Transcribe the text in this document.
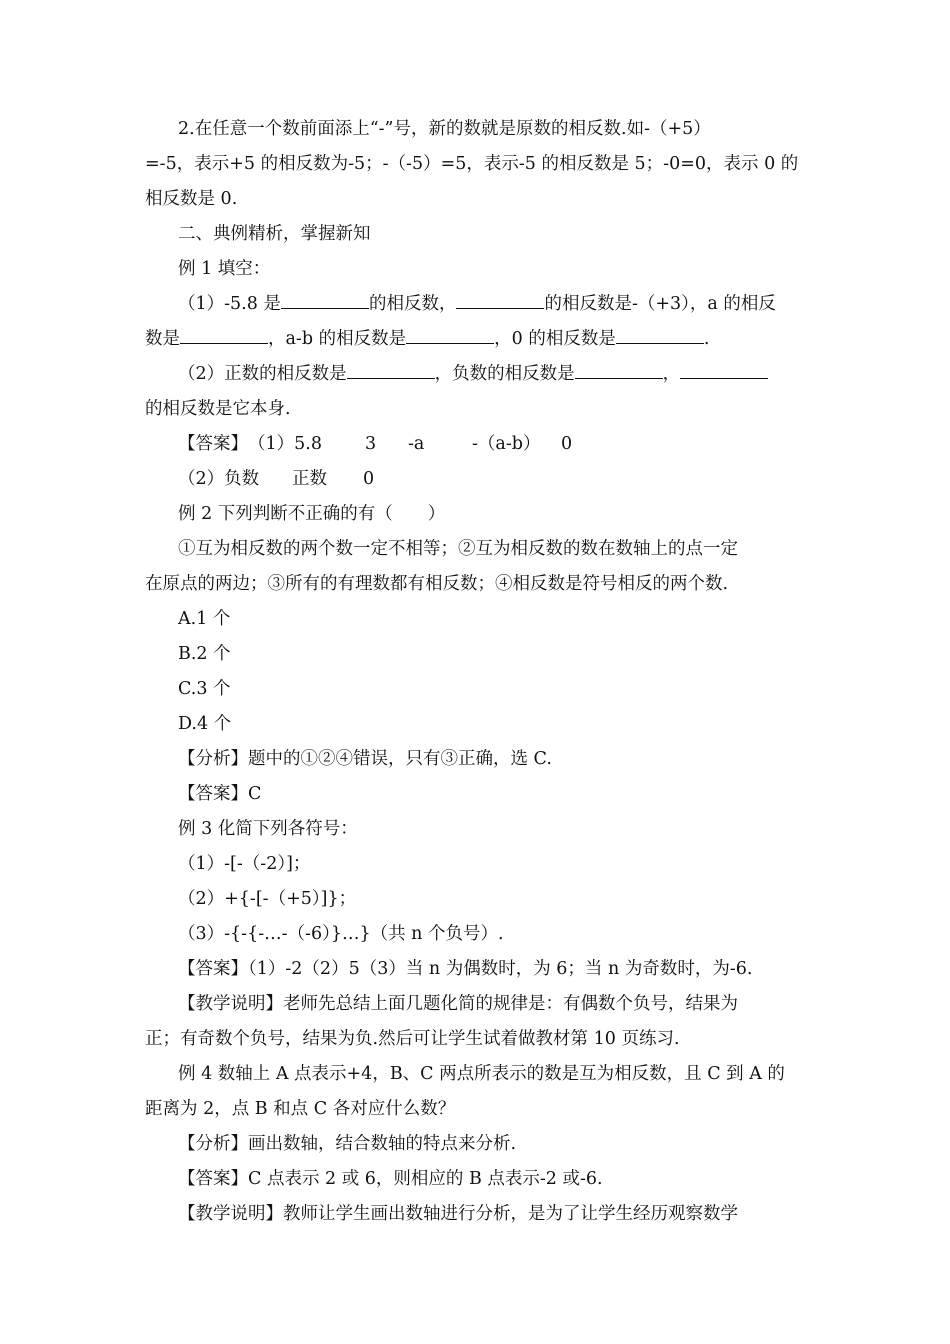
2.在任意一个数前面添上“-”号，新的数就是原数的相反数.如-（+5）
=-5，表示+5 的相反数为-5；-（-5）=5，表示-5 的相反数是 5；-0=0，表示 0 的
相反数是 0.
二、典例精析，掌握新知
例 1 填空：
（1）-5.8 是	的相反数，	的相反数是-（+3），a 的相反
数是	，a-b 的相反数是	，0 的相反数是	.
（2）正数的相反数是	，负数的相反数是	，
的相反数是它本身.
【答案】（1）5.8 3 -a	-（a-b） 0
（2）负数 正数 0
例 2 下列判断不正确的有（　　）
①互为相反数的两个数一定不相等；②互为相反数的数在数轴上的点一定
在原点的两边；③所有的有理数都有相反数；④相反数是符号相反的两个数.
A.1 个
B.2 个
C.3 个
D.4 个
【分析】题中的①②④错误，只有③正确，选 C.
【答案】C
例 3 化简下列各符号：
（1）-[-（-2）]；
（2）+{-[-（+5）]}；
（3）-{-{-…-（-6）}…}（共 n 个负号）.
【答案】（1）-2（2）5（3）当 n 为偶数时，为 6；当 n 为奇数时，为-6.
【教学说明】老师先总结上面几题化简的规律是：有偶数个负号，结果为
正；有奇数个负号，结果为负.然后可让学生试着做教材第 10 页练习.
例 4 数轴上 A 点表示+4，B、C 两点所表示的数是互为相反数，且 C 到 A 的
距离为 2，点 B 和点 C 各对应什么数？
【分析】画出数轴，结合数轴的特点来分析.
【答案】C 点表示 2 或 6，则相应的 B 点表示-2 或-6.
【教学说明】教师让学生画出数轴进行分析，是为了让学生经历观察数学
